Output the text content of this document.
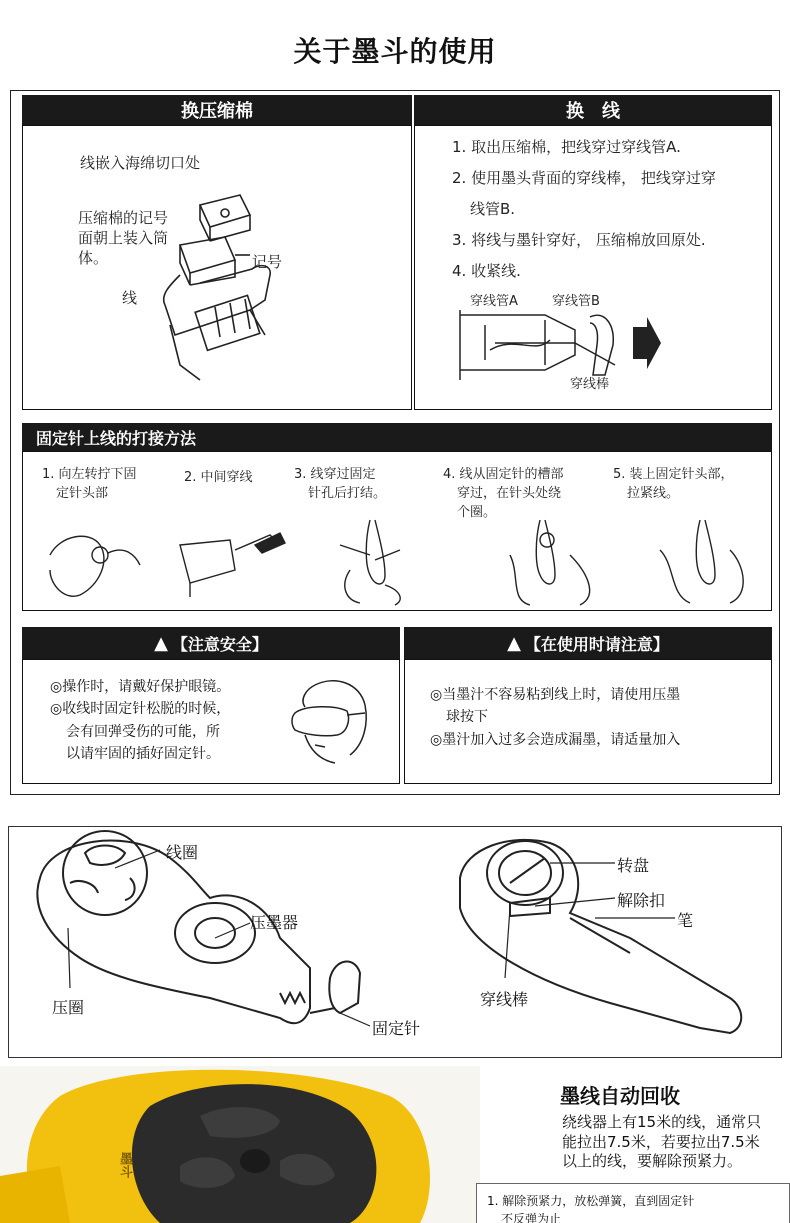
关于墨斗的使用
换压缩棉	换　线
线嵌入海绵切口处
压缩棉的记号
面朝上装入筒
体。	记号
线
1. 取出压缩棉，把线穿过穿线管A.
2. 使用墨头背面的穿线棒， 把线穿过穿
线管B.
3. 将线与墨针穿好， 压缩棉放回原处.
4. 收紧线.
穿线管A	穿线管B
穿线棒
固定针上线的打接方法
1. 向左转拧下固
定针头部
2. 中间穿线	3. 线穿过固定
针孔后打结。
4. 线从固定针的槽部
穿过，在针头处绕
个圈。
5. 装上固定针头部，
拉紧线。
▲ 【注意安全】	▲ 【在使用时请注意】
◎操作时，请戴好保护眼镜。
◎收线时固定针松脱的时候，
会有回弹受伤的可能，所
以请牢固的插好固定针。
◎当墨汁不容易粘到线上时，请使用压墨
球按下
◎墨汁加入过多会造成漏墨，请适量加入
线圈
压墨器
压圈
固定针
转盘
解除扣
笔
穿线棒
墨斗
墨线自动回收
绕线器上有15米的线，通常只
能拉出7.5米，若要拉出7.5米
以上的线，要解除预紧力。
1. 解除预紧力，放松弹簧，直到固定针
不反弹为止
